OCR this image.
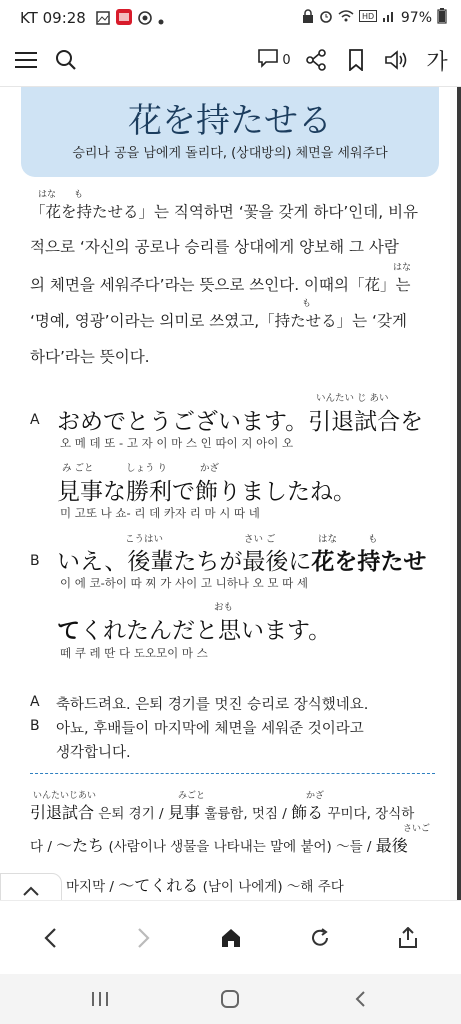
KT 09:28	HD 97%
0	가
花を持たせる
승리나 공을 남에게 돌리다, (상대방의) 체면을 세워주다
はな も
「花を持たせる」는 직역하면 ‘꽃을 갖게 하다’인데, 비유
적으로 ‘자신의 공로나 승리를 상대에게 양보해 그 사람
はな
의 체면을 세워주다’라는 뜻으로 쓰인다. 이때의「花」는
も
‘명예, 영광’이라는 의미로 쓰였고,「持たせる」는 ‘갖게
하다’라는 뜻이다.
A
いんたい じ あい
おめでとうございます。引退試合を
오 메 데 또 - 고 자 이 마 스 인 따이 지 아이 오
み ごと	しょう り	かざ
見事な勝利で飾りましたね。
미 고또 나 쇼- 리 데 카자 리 마 시 따 네
B
こうはい	さい ご	はな	も
いえ、後輩たちが最後に花を持たせ
이 에 코-하이 따 찌 가 사이 고 니하나 오 모 따 세
おも
てくれたんだと思います。
떼 쿠 레 딴 다 도오모이 마 스
A 축하드려요. 은퇴 경기를 멋진 승리로 장식했네요.
B 아뇨, 후배들이 마지막에 체면을 세워준 것이라고
생각합니다.
いんたいじあい	みごと	かざ
引退試合 은퇴 경기 / 見事 훌륭함, 멋짐 / 飾る 꾸미다, 장식하
さいご
다 / 〜たち (사람이나 생물을 나타내는 말에 붙어) 〜들 / 最後
마지막 / 〜てくれる (남이 나에게) 〜해 주다
